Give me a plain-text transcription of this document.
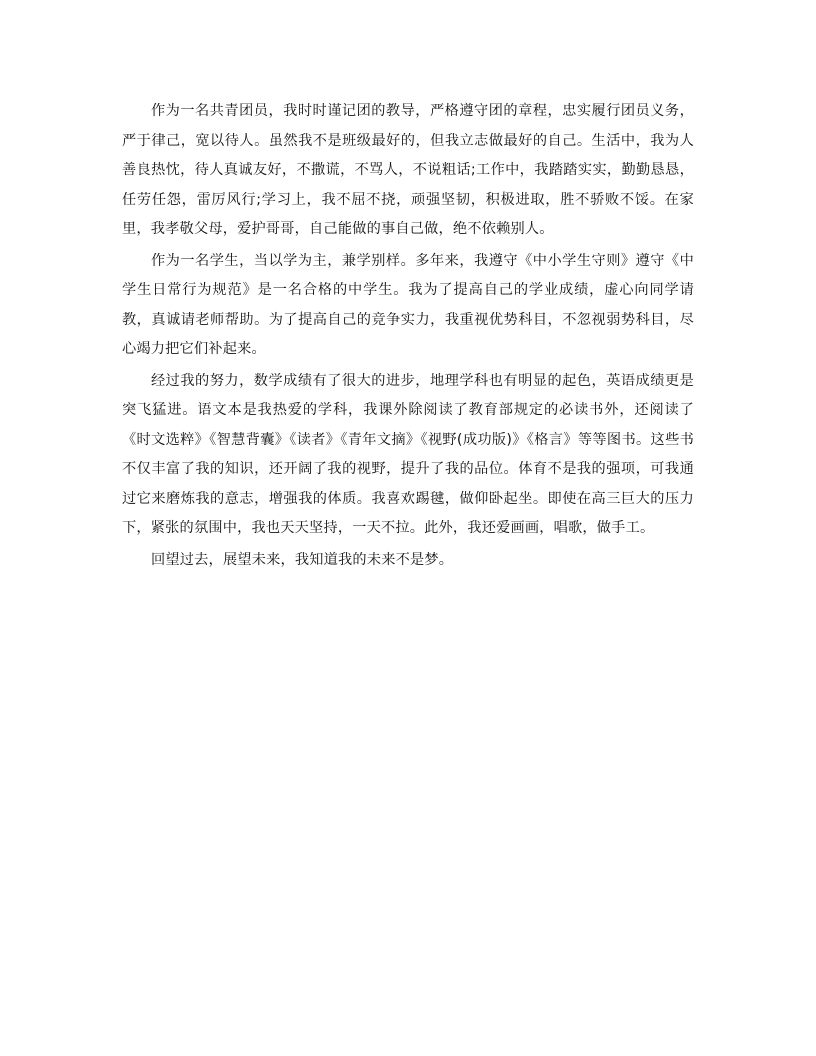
作为一名共青团员，我时时谨记团的教导，严格遵守团的章程，忠实履行团员义务，严于律己，宽以待人。虽然我不是班级最好的，但我立志做最好的自己。生活中，我为人善良热忱，待人真诚友好，不撒谎，不骂人，不说粗话;工作中，我踏踏实实，勤勤恳恳，任劳任怨，雷厉风行;学习上，我不屈不挠，顽强坚韧，积极进取，胜不骄败不馁。在家里，我孝敬父母，爱护哥哥，自己能做的事自己做，绝不依赖别人。

作为一名学生，当以学为主，兼学别样。多年来，我遵守《中小学生守则》遵守《中学生日常行为规范》是一名合格的中学生。我为了提高自己的学业成绩，虚心向同学请教，真诚请老师帮助。为了提高自己的竞争实力，我重视优势科目，不忽视弱势科目，尽心竭力把它们补起来。

经过我的努力，数学成绩有了很大的进步，地理学科也有明显的起色，英语成绩更是突飞猛进。语文本是我热爱的学科，我课外除阅读了教育部规定的必读书外，还阅读了《时文选粹》《智慧背囊》《读者》《青年文摘》《视野(成功版)》《格言》等等图书。这些书不仅丰富了我的知识，还开阔了我的视野，提升了我的品位。体育不是我的强项，可我通过它来磨炼我的意志，增强我的体质。我喜欢踢毽，做仰卧起坐。即使在高三巨大的压力下，紧张的氛围中，我也天天坚持，一天不拉。此外，我还爱画画，唱歌，做手工。

回望过去，展望未来，我知道我的未来不是梦。
